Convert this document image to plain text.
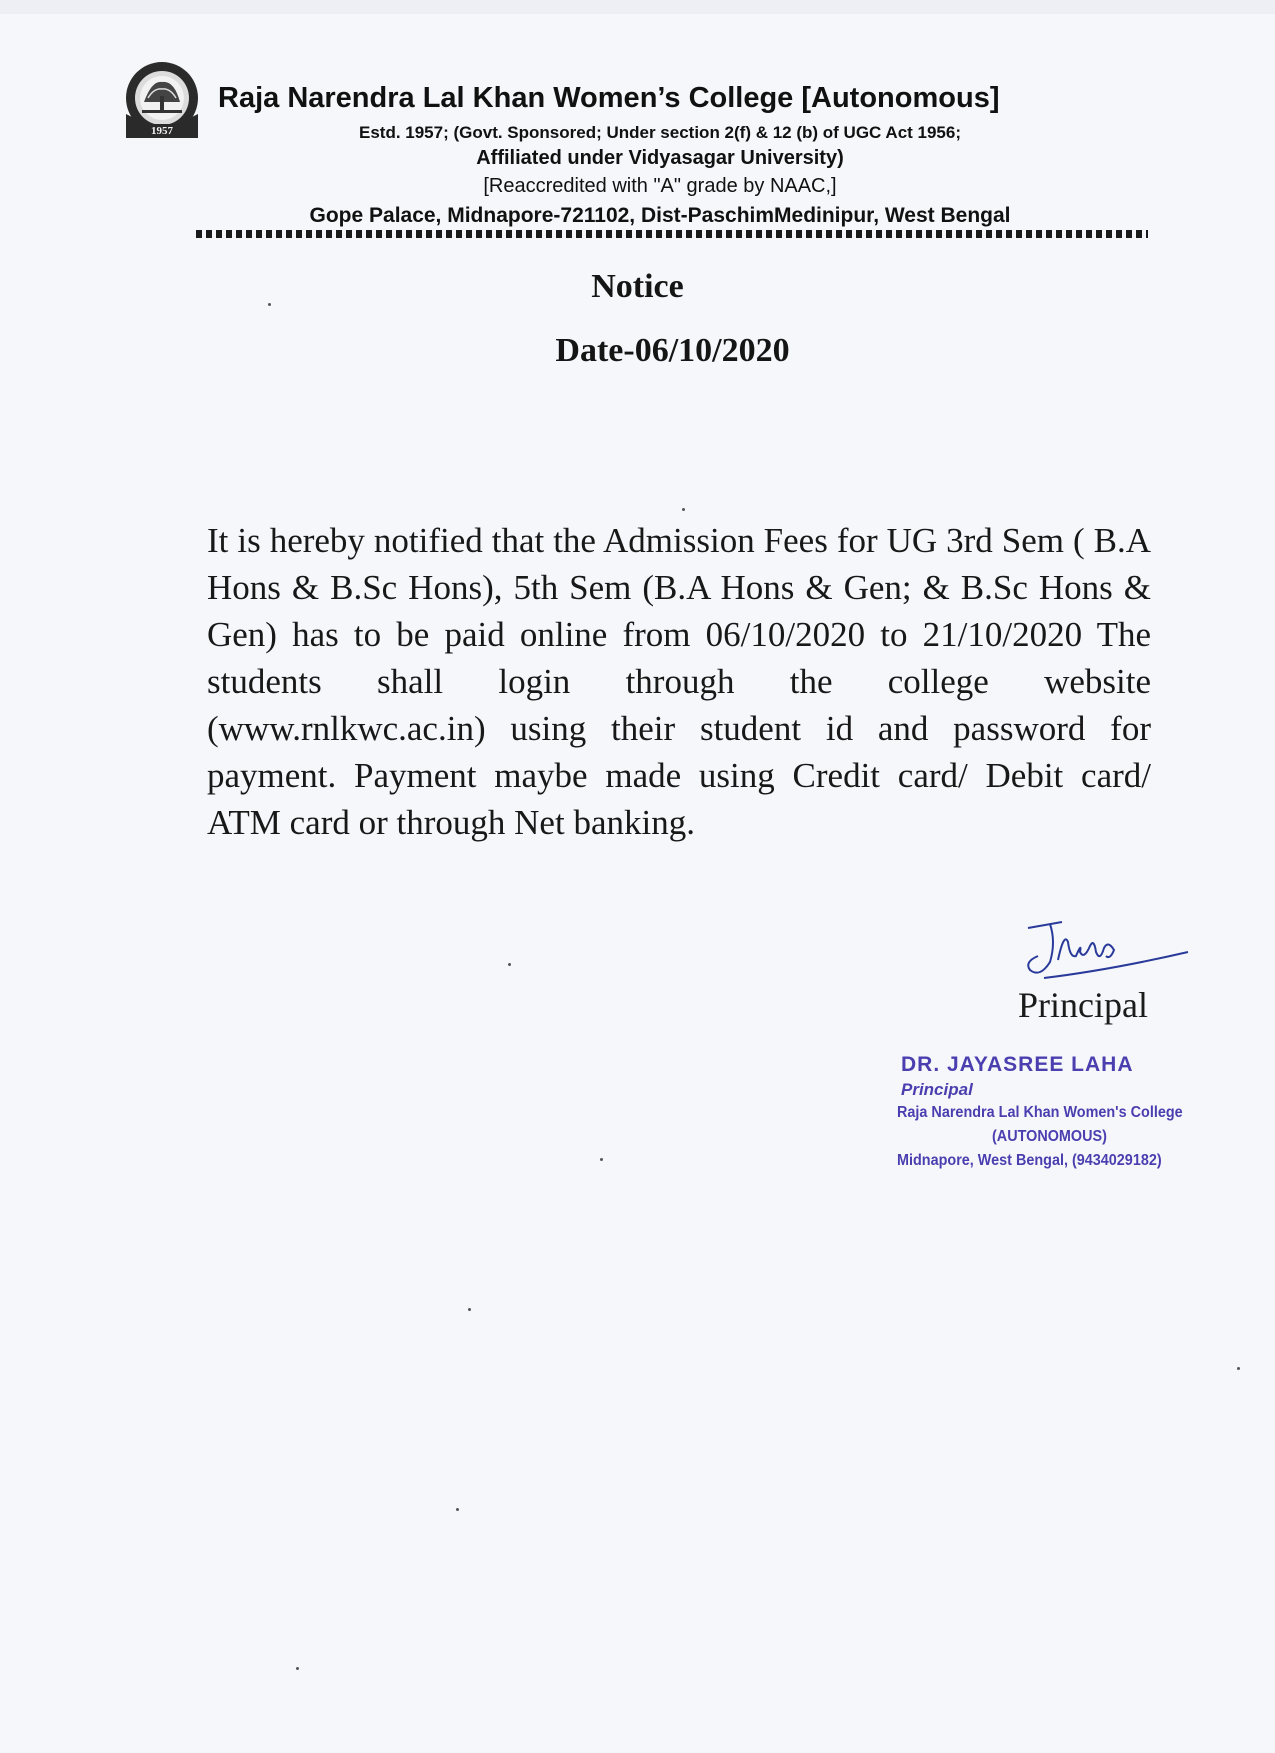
1957
Raja Narendra Lal Khan Women’s College [Autonomous]
Estd. 1957; (Govt. Sponsored; Under section 2(f) & 12 (b) of UGC Act 1956;
Affiliated under Vidyasagar University)
[Reaccredited with "A" grade by NAAC,]
Gope Palace, Midnapore-721102, Dist-PaschimMedinipur, West Bengal
Notice
Date-06/10/2020
It is hereby notified that the Admission Fees for UG 3rd Sem ( B.A Hons & B.Sc Hons), 5th Sem (B.A Hons & Gen; & B.Sc Hons & Gen) has to be paid online from 06/10/2020 to 21/10/2020 The students shall login through the college website (www.rnlkwc.ac.in) using their student id and password for payment. Payment maybe made using Credit card/ Debit card/ ATM card or through Net banking.
Principal
DR. JAYASREE LAHA
Principal
Raja Narendra Lal Khan Women's College
(AUTONOMOUS)
Midnapore, West Bengal, (9434029182)
